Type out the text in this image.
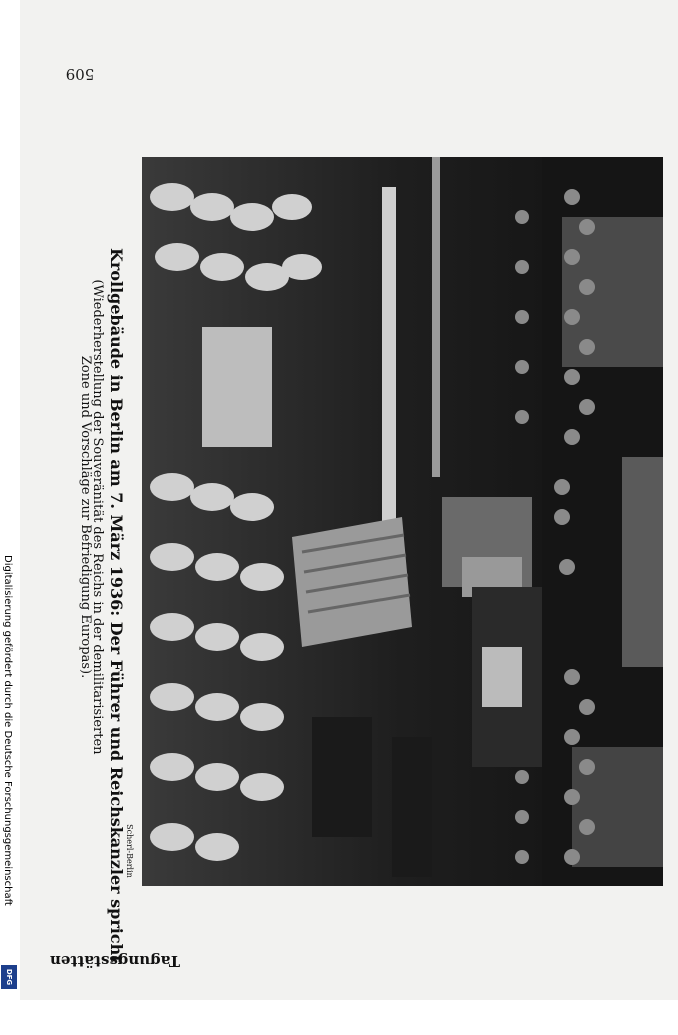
509
Scherl-Berlin
Krollgebäude in Berlin am 7. März 1936: Der Führer und Reichskanzler spricht
(Wiederherstellung der Souveränität des Reichs in der demilitarisierten
Zone und Vorschläge zur Befriedigung Europas).
Tagungsstätten
Digitalisierung gefördert durch die Deutsche Forschungsgemeinschaft
DFG
